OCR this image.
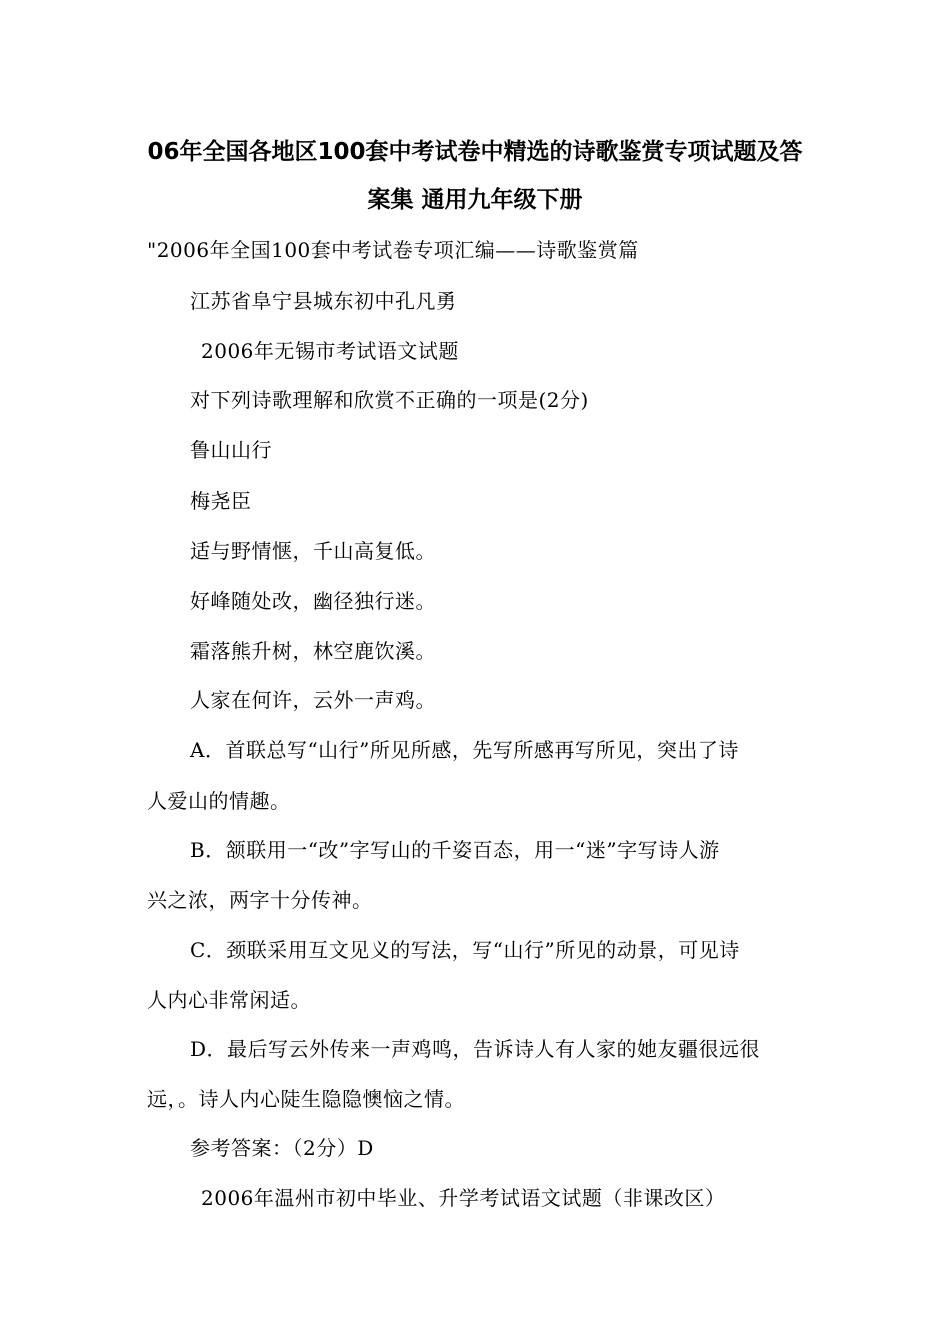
06年全国各地区100套中考试卷中精选的诗歌鉴赏专项试题及答
案集 通用九年级下册
"2006年全国100套中考试卷专项汇编——诗歌鉴赏篇
江苏省阜宁县城东初中孔凡勇
2006年无锡市考试语文试题
对下列诗歌理解和欣赏不正确的一项是(2分)
鲁山山行
梅尧臣
适与野情惬，千山高复低。
好峰随处改，幽径独行迷。
霜落熊升树，林空鹿饮溪。
人家在何许，云外一声鸡。
A．首联总写“山行”所见所感，先写所感再写所见，突出了诗
人爱山的情趣。
B．颔联用一“改”字写山的千姿百态，用一“迷”字写诗人游
兴之浓，两字十分传神。
C．颈联采用互文见义的写法，写“山行”所见的动景，可见诗
人内心非常闲适。
D．最后写云外传来一声鸡鸣，告诉诗人有人家的她友疆很远很
远，。诗人内心陡生隐隐懊恼之情。
参考答案：（2分）D
2006年温州市初中毕业、升学考试语文试题（非课改区）
